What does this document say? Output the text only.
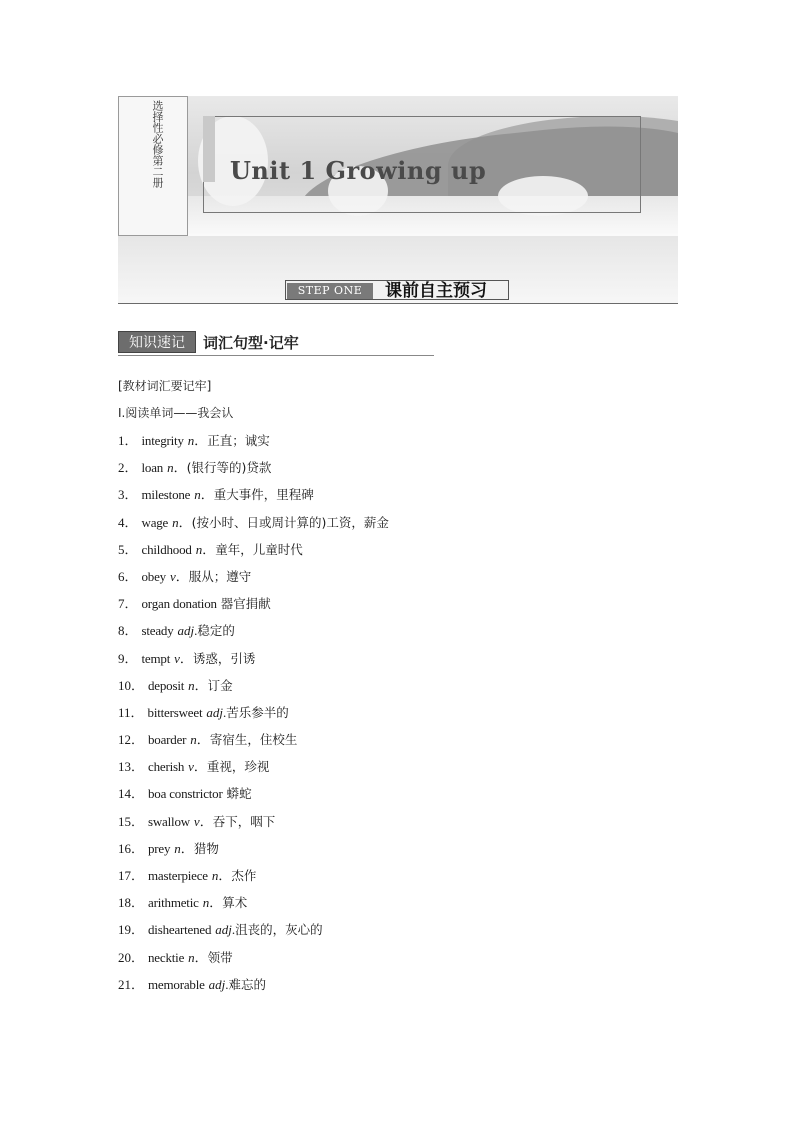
选择性必修第二册	Unit 1 Growing up
STEP ONE	课前自主预习
知识速记	词汇句型·记牢
[教材词汇要记牢]
Ⅰ.阅读单词——我会认
1． integrity n．正直；诚实
2． loan n．(银行等的)贷款
3． milestone n．重大事件，里程碑
4． wage n．(按小时、日或周计算的)工资，薪金
5． childhood n．童年，儿童时代
6． obey v．服从；遵守
7． organ donation 器官捐献
8． steady adj.稳定的
9． tempt v．诱惑，引诱
10． deposit n．订金
11． bittersweet adj.苦乐参半的
12． boarder n．寄宿生，住校生
13． cherish v．重视，珍视
14． boa constrictor 蟒蛇
15． swallow v．吞下，咽下
16． prey n．猎物
17． masterpiece n．杰作
18． arithmetic n．算术
19． disheartened adj.沮丧的，灰心的
20． necktie n．领带
21． memorable adj.难忘的
